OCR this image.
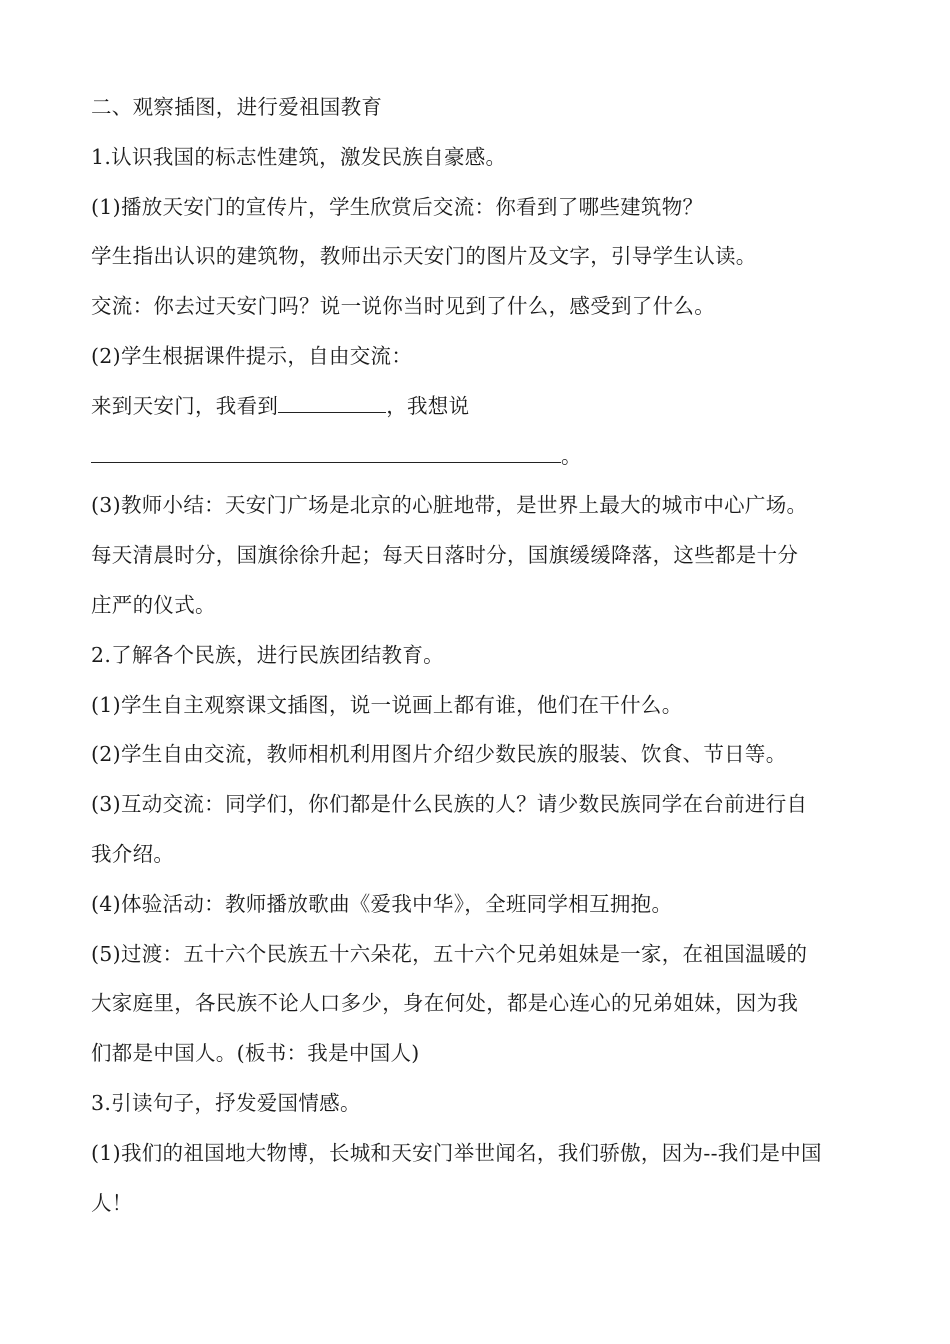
二、观察插图，进行爱祖国教育
1.认识我国的标志性建筑，激发民族自豪感。
(1)播放天安门的宣传片，学生欣赏后交流：你看到了哪些建筑物？
学生指出认识的建筑物，教师出示天安门的图片及文字，引导学生认读。
交流：你去过天安门吗？说一说你当时见到了什么，感受到了什么。
(2)学生根据课件提示，自由交流：
来到天安门，我看到	，我想说
。
(3)教师小结：天安门广场是北京的心脏地带，是世界上最大的城市中心广场。
每天清晨时分，国旗徐徐升起；每天日落时分，国旗缓缓降落，这些都是十分
庄严的仪式。
2.了解各个民族，进行民族团结教育。
(1)学生自主观察课文插图，说一说画上都有谁，他们在干什么。
(2)学生自由交流，教师相机利用图片介绍少数民族的服装、饮食、节日等。
(3)互动交流：同学们，你们都是什么民族的人？请少数民族同学在台前进行自
我介绍。
(4)体验活动：教师播放歌曲《爱我中华》，全班同学相互拥抱。
(5)过渡：五十六个民族五十六朵花，五十六个兄弟姐妹是一家，在祖国温暖的
大家庭里，各民族不论人口多少，身在何处，都是心连心的兄弟姐妹，因为我
们都是中国人。(板书：我是中国人)
3.引读句子，抒发爱国情感。
(1)我们的祖国地大物博，长城和天安门举世闻名，我们骄傲，因为--我们是中国
人！
